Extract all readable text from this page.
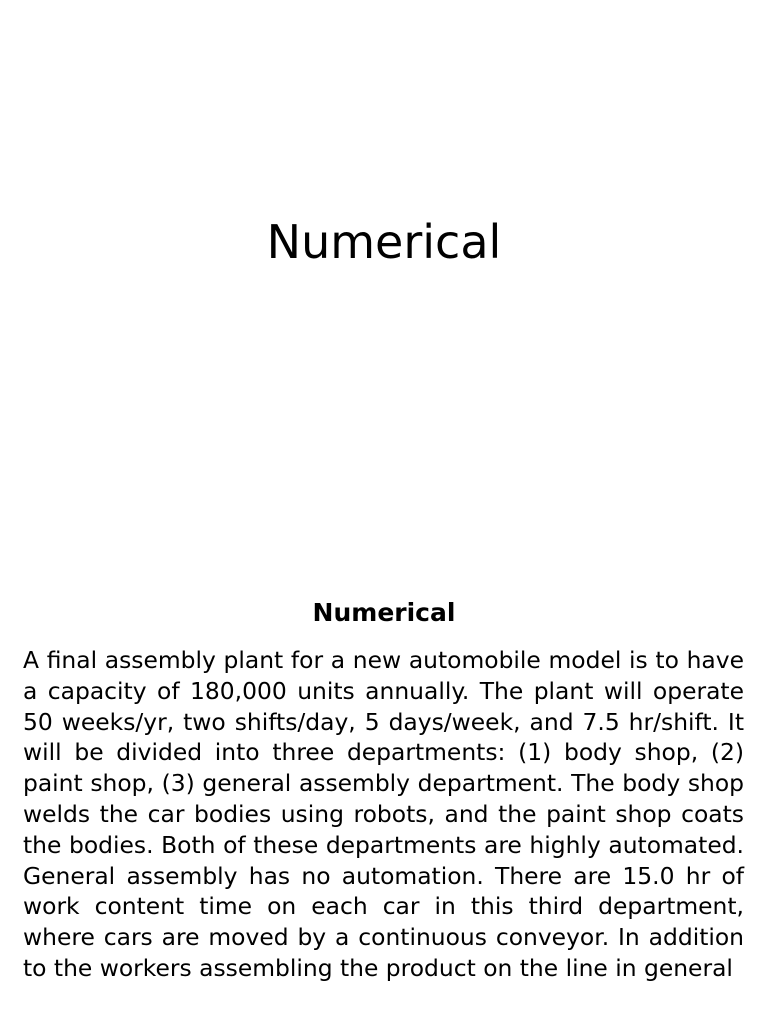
Numerical
Numerical

A final assembly plant for a new automobile model is to have a capacity of 180,000 units annually. The plant will operate 50 weeks/yr, two shifts/day, 5 days/week, and 7.5 hr/shift. It will be divided into three departments: (1) body shop, (2) paint shop, (3) general assembly department. The body shop welds the car bodies using robots, and the paint shop coats the bodies. Both of these departments are highly automated. General assembly has no automation. There are 15.0 hr of work content time on each car in this third department, where cars are moved by a continuous conveyor. In addition to the workers assembling the product on the line in general
